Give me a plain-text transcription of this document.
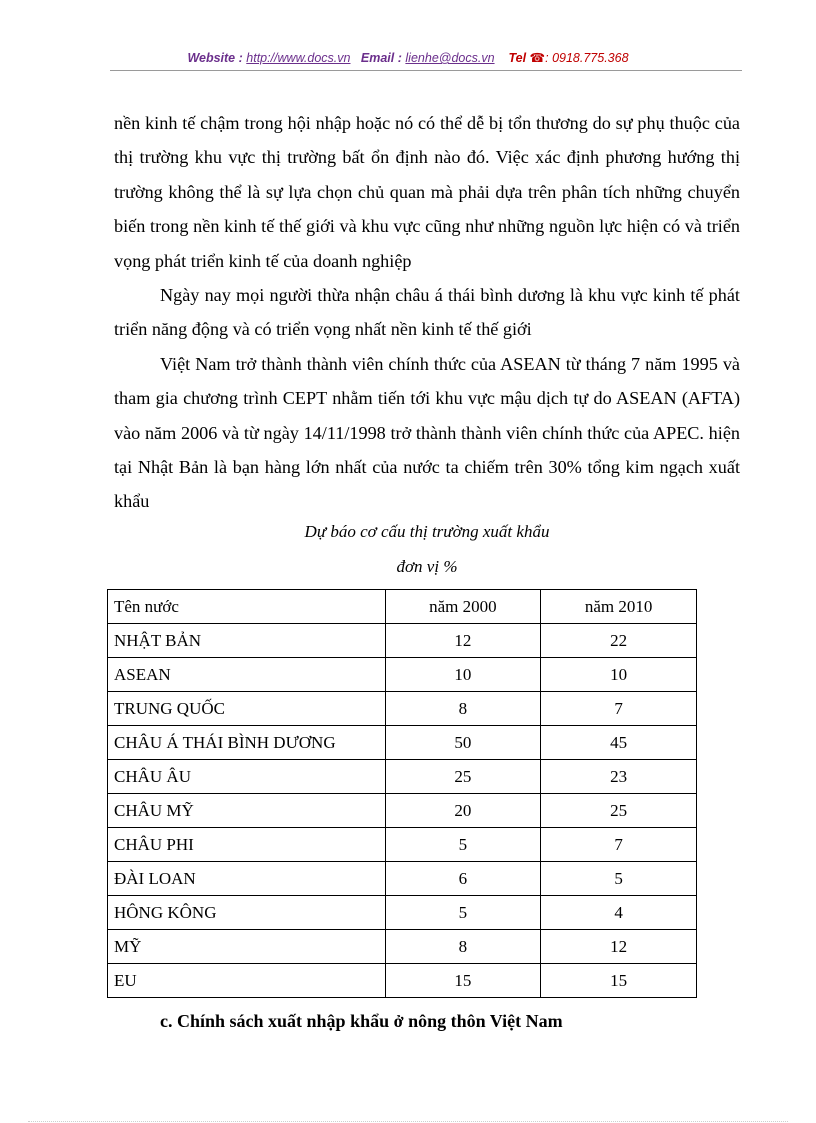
Website : http://www.docs.vn Email : lienhe@docs.vn Tel ☎: 0918.775.368

nền kinh tế chậm trong hội nhập hoặc nó có thể dễ bị tổn thương do sự phụ thuộc của thị trường khu vực thị trường bất ổn định nào đó. Việc xác định phương hướng thị trường không thể là sự lựa chọn chủ quan mà phải dựa trên phân tích những chuyển biến trong nền kinh tế thế giới và khu vực cũng như những nguồn lực hiện có và triển vọng phát triển kinh tế của doanh nghiệp

Ngày nay mọi người thừa nhận châu á thái bình dương là khu vực kinh tế phát triển năng động và có triển vọng nhất nền kinh tế thế giới

Việt Nam trở thành thành viên chính thức của ASEAN từ tháng 7 năm 1995 và tham gia chương trình CEPT nhằm tiến tới khu vực mậu dịch tự do ASEAN (AFTA) vào năm 2006 và từ ngày 14/11/1998 trở thành thành viên chính thức của APEC. hiện tại Nhật Bản là bạn hàng lớn nhất của nước ta chiếm trên 30% tổng kim ngạch xuất khẩu

Dự báo cơ cấu thị trường xuất khẩu
đơn vị %
Tên nước	năm 2000	năm 2010
NHẬT BẢN	12	22
ASEAN	10	10
TRUNG QUỐC	8	7
CHÂU Á THÁI BÌNH DƯƠNG	50	45
CHÂU ÂU	25	23
CHÂU MỸ	20	25
CHÂU PHI	5	7
ĐÀI LOAN	6	5
HÔNG KÔNG	5	4
MỸ	8	12
EU	15	15
c. Chính sách xuất nhập khẩu ở nông thôn Việt Nam
